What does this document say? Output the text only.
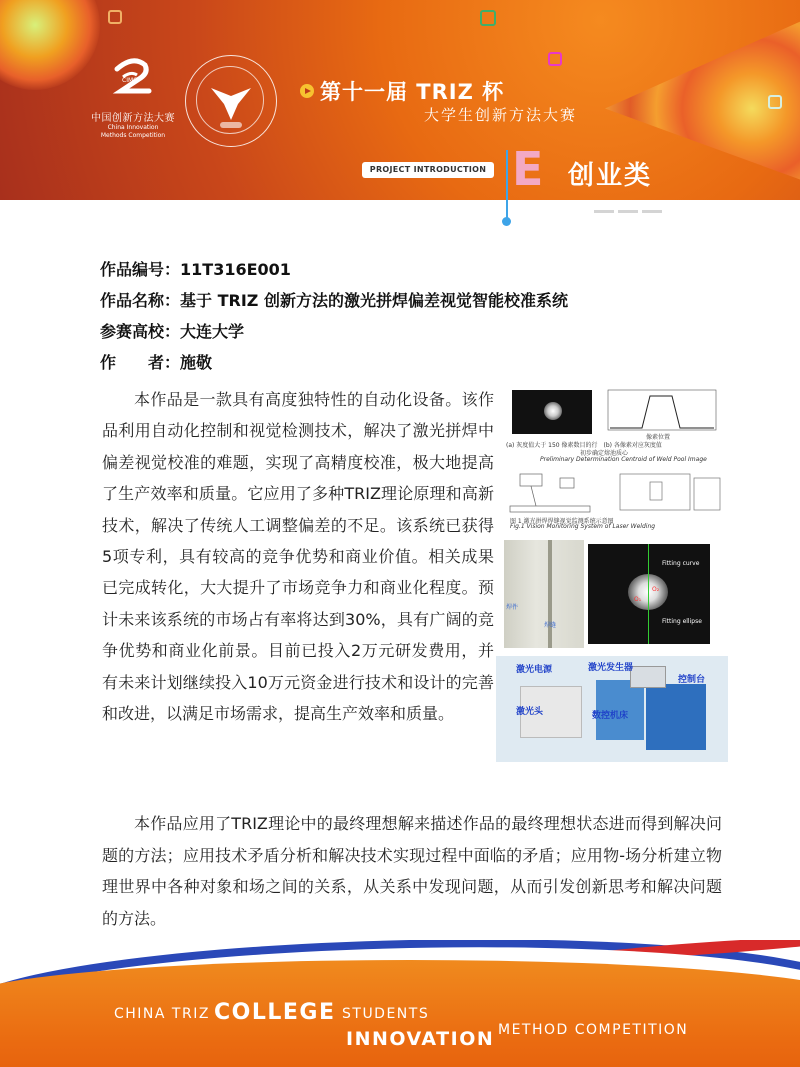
CIMC
中国创新方法大赛
China Innovation
Methods Competition
第十一届 TRIZ 杯
大学生创新方法大赛
PROJECT INTRODUCTION E 创业类
作品编号：11T316E001
作品名称：基于 TRIZ 创新方法的激光拼焊偏差视觉智能校准系统
参赛高校：大连大学
作　　者：施敬
本作品是一款具有高度独特性的自动化设备。该作品利用自动化控制和视觉检测技术，解决了激光拼焊中偏差视觉校准的难题，实现了高精度校准，极大地提高了生产效率和质量。它应用了多种TRIZ理论原理和高新技术，解决了传统人工调整偏差的不足。该系统已获得5项专利，具有较高的竞争优势和商业价值。相关成果已完成转化，大大提升了市场竞争力和商业化程度。预计未来该系统的市场占有率将达到30%，具有广阔的竞争优势和商业化前景。目前已投入2万元研发费用，并有未来计划继续投入10万元资金进行技术和设计的完善和改进，以满足市场需求，提高生产效率和质量。
像素位置
(a) 灰度值大于 150 像素数目的行　(b) 各像素对应灰度值
初步确定熔池质心
Preliminary Determination Centroid of Weld Pool Image
图 1 激光拼焊焊缝视觉监测系统示意图
Fig.1 Vision Monitoring System of Laser Welding
焊件
焊缝
Fitting curve
Fitting ellipse
O₁
O₂
激光电源	激光发生器
控制台
激光头	数控机床
本作品应用了TRIZ理论中的最终理想解来描述作品的最终理想状态进而得到解决问题的方法；应用技术矛盾分析和解决技术实现过程中面临的矛盾；应用物-场分析建立物理世界中各种对象和场之间的关系，从关系中发现问题，从而引发创新思考和解决问题的方法。
CHINA TRIZ COLLEGE STUDENTS
INNOVATION METHOD COMPETITION
